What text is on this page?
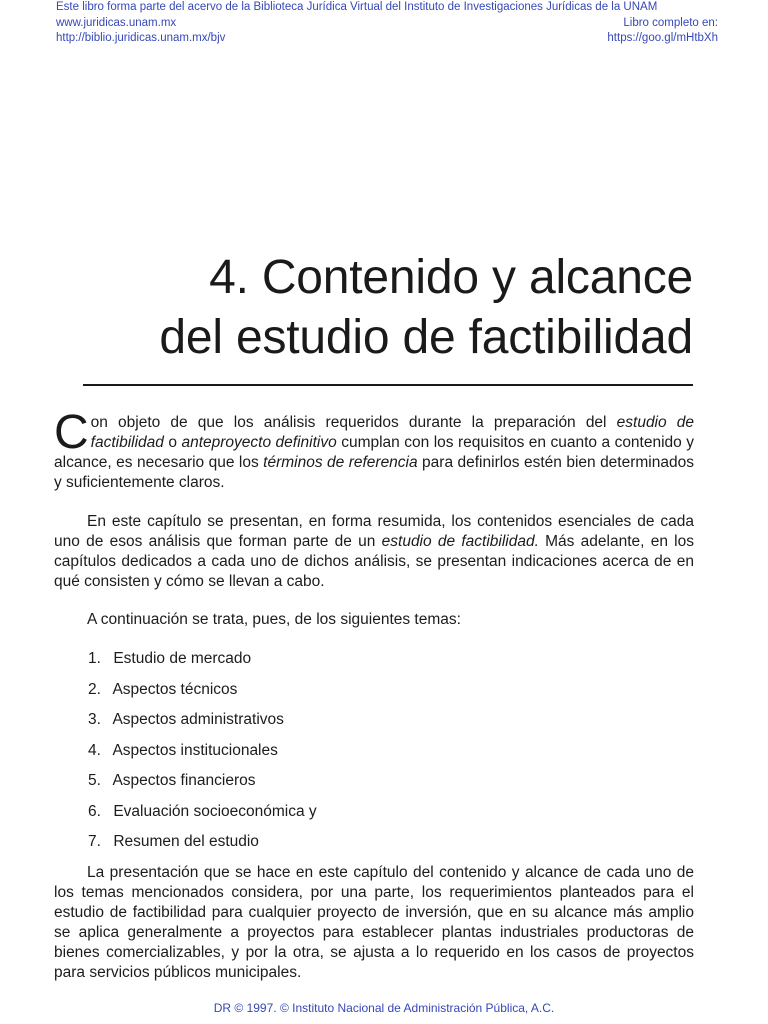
Este libro forma parte del acervo de la Biblioteca Jurídica Virtual del Instituto de Investigaciones Jurídicas de la UNAM
www.juridicas.unam.mx	Libro completo en:
http://biblio.juridicas.unam.mx/bjv	https://goo.gl/mHtbXh
4. Contenido y alcance
del estudio de factibilidad

Con objeto de que los análisis requeridos durante la preparación del estudio de factibilidad o anteproyecto definitivo cumplan con los requisitos en cuanto a contenido y alcance, es necesario que los términos de referencia para definirlos estén bien determinados y suficientemente claros.

En este capítulo se presentan, en forma resumida, los contenidos esenciales de cada uno de esos análisis que forman parte de un estudio de factibilidad. Más adelante, en los capítulos dedicados a cada uno de dichos análisis, se presentan indicaciones acerca de en qué consisten y cómo se llevan a cabo.

A continuación se trata, pues, de los siguientes temas:

1. Estudio de mercado
2. Aspectos técnicos
3. Aspectos administrativos
4. Aspectos institucionales
5. Aspectos financieros
6. Evaluación socioeconómica y
7. Resumen del estudio

La presentación que se hace en este capítulo del contenido y alcance de cada uno de los temas mencionados considera, por una parte, los requerimientos planteados para el estudio de factibilidad para cualquier proyecto de inversión, que en su alcance más amplio se aplica generalmente a proyectos para establecer plantas industriales productoras de bienes comercializables, y por la otra, se ajusta a lo requerido en los casos de proyectos para servicios públicos municipales.

DR © 1997. © Instituto Nacional de Administración Pública, A.C.
